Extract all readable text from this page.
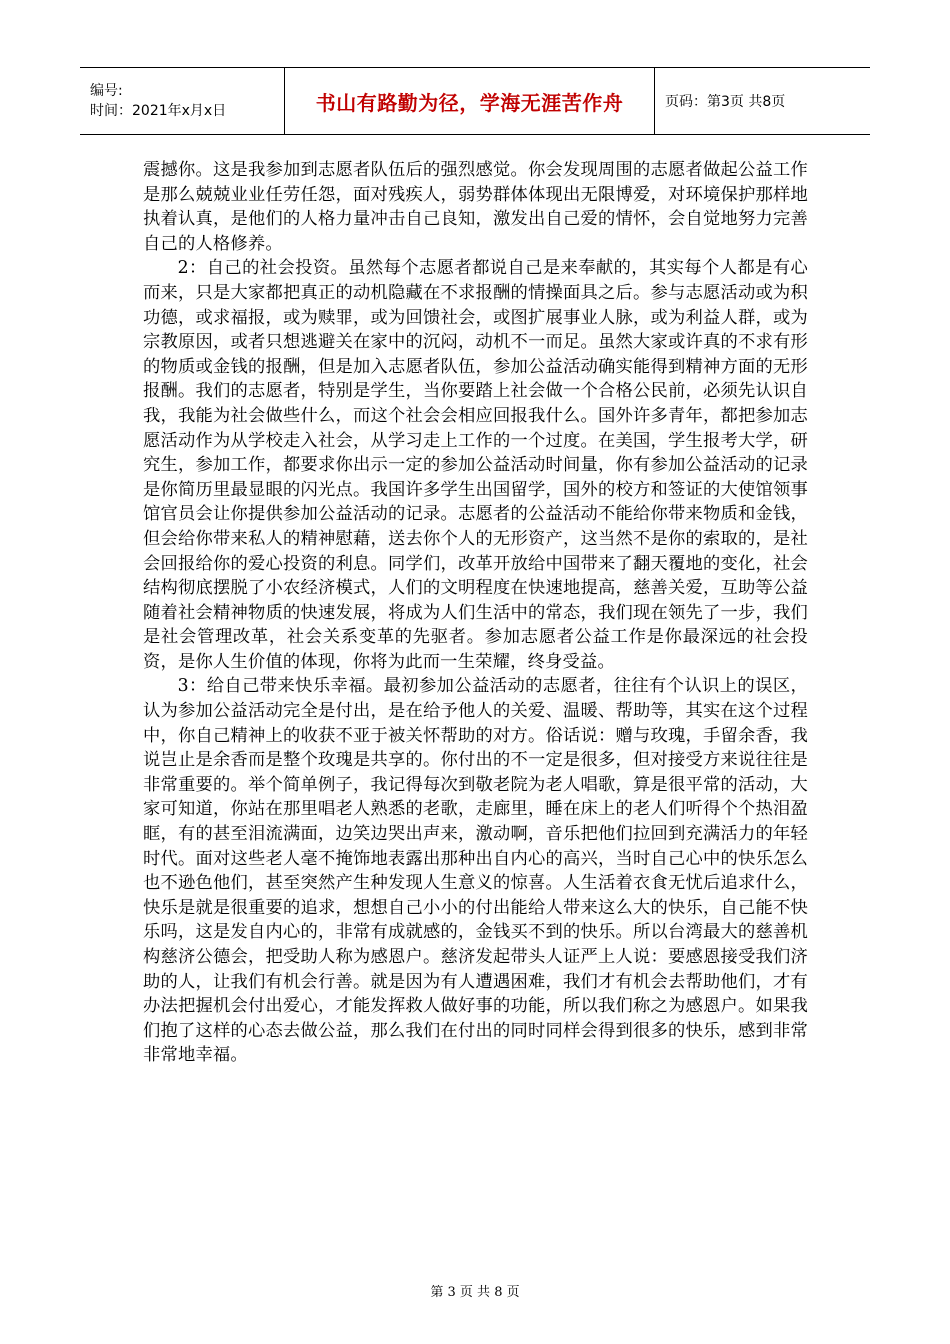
编号:
时间：2021年x月x日	书山有路勤为径，学海无涯苦作舟	页码：第3页 共8页

震撼你。这是我参加到志愿者队伍后的强烈感觉。你会发现周围的志愿者做起公益工作是那么兢兢业业任劳任怨，面对残疾人，弱势群体体现出无限博爱，对环境保护那样地执着认真，是他们的人格力量冲击自己良知，激发出自己爱的情怀，会自觉地努力完善自己的人格修养。

2：自己的社会投资。虽然每个志愿者都说自己是来奉献的，其实每个人都是有心而来，只是大家都把真正的动机隐藏在不求报酬的情操面具之后。参与志愿活动或为积功德，或求福报，或为赎罪，或为回馈社会，或图扩展事业人脉，或为利益人群，或为宗教原因，或者只想逃避关在家中的沉闷，动机不一而足。虽然大家或许真的不求有形的物质或金钱的报酬，但是加入志愿者队伍，参加公益活动确实能得到精神方面的无形报酬。我们的志愿者，特别是学生，当你要踏上社会做一个合格公民前，必须先认识自我，我能为社会做些什么，而这个社会会相应回报我什么。国外许多青年，都把参加志愿活动作为从学校走入社会，从学习走上工作的一个过度。在美国，学生报考大学，研究生，参加工作，都要求你出示一定的参加公益活动时间量，你有参加公益活动的记录是你简历里最显眼的闪光点。我国许多学生出国留学，国外的校方和签证的大使馆领事馆官员会让你提供参加公益活动的记录。志愿者的公益活动不能给你带来物质和金钱，但会给你带来私人的精神慰藉，送去你个人的无形资产，这当然不是你的索取的，是社会回报给你的爱心投资的利息。同学们，改革开放给中国带来了翻天覆地的变化，社会结构彻底摆脱了小农经济模式，人们的文明程度在快速地提高，慈善关爱，互助等公益随着社会精神物质的快速发展，将成为人们生活中的常态，我们现在领先了一步，我们是社会管理改革，社会关系变革的先驱者。参加志愿者公益工作是你最深远的社会投资，是你人生价值的体现，你将为此而一生荣耀，终身受益。

3：给自己带来快乐幸福。最初参加公益活动的志愿者，往往有个认识上的误区，认为参加公益活动完全是付出，是在给予他人的关爱、温暖、帮助等，其实在这个过程中，你自己精神上的收获不亚于被关怀帮助的对方。俗话说：赠与玫瑰，手留余香，我说岂止是余香而是整个玫瑰是共享的。你付出的不一定是很多，但对接受方来说往往是非常重要的。举个简单例子，我记得每次到敬老院为老人唱歌，算是很平常的活动，大家可知道，你站在那里唱老人熟悉的老歌，走廊里，睡在床上的老人们听得个个热泪盈眶，有的甚至泪流满面，边笑边哭出声来，激动啊，音乐把他们拉回到充满活力的年轻时代。面对这些老人毫不掩饰地表露出那种出自内心的高兴，当时自己心中的快乐怎么也不逊色他们，甚至突然产生种发现人生意义的惊喜。人生活着衣食无忧后追求什么，快乐是就是很重要的追求，想想自己小小的付出能给人带来这么大的快乐，自己能不快乐吗，这是发自内心的，非常有成就感的，金钱买不到的快乐。所以台湾最大的慈善机构慈济公德会，把受助人称为感恩户。慈济发起带头人证严上人说：要感恩接受我们济助的人，让我们有机会行善。就是因为有人遭遇困难，我们才有机会去帮助他们，才有办法把握机会付出爱心，才能发挥救人做好事的功能，所以我们称之为感恩户。如果我们抱了这样的心态去做公益，那么我们在付出的同时同样会得到很多的快乐，感到非常非常地幸福。

第 3 页 共 8 页
